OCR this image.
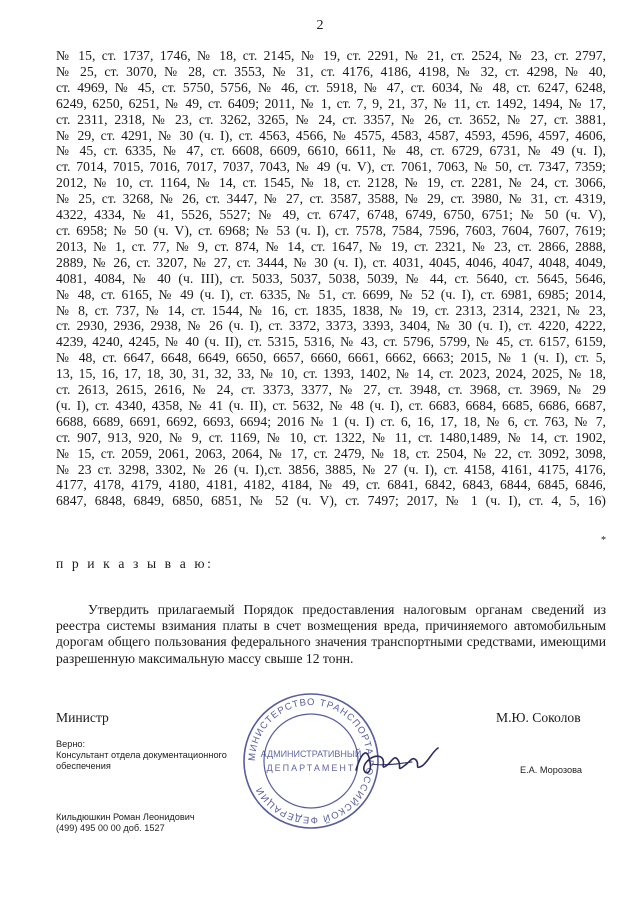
2
№ 15, ст. 1737, 1746, № 18, ст. 2145, № 19, ст. 2291, № 21, ст. 2524, № 23, ст. 2797,
№ 25, ст. 3070, № 28, ст. 3553, № 31, ст. 4176, 4186, 4198, № 32, ст. 4298, № 40,
ст. 4969, № 45, ст. 5750, 5756, № 46, ст. 5918, № 47, ст. 6034, № 48, ст. 6247, 6248,
6249, 6250, 6251, № 49, ст. 6409; 2011, № 1, ст. 7, 9, 21, 37, № 11, ст. 1492, 1494, № 17,
ст. 2311, 2318, № 23, ст. 3262, 3265, № 24, ст. 3357, № 26, ст. 3652, № 27, ст. 3881,
№ 29, ст. 4291, № 30 (ч. I), ст. 4563, 4566, № 4575, 4583, 4587, 4593, 4596, 4597, 4606,
№ 45, ст. 6335, № 47, ст. 6608, 6609, 6610, 6611, № 48, ст. 6729, 6731, № 49 (ч. I),
ст. 7014, 7015, 7016, 7017, 7037, 7043, № 49 (ч. V), ст. 7061, 7063, № 50, ст. 7347, 7359;
2012, № 10, ст. 1164, № 14, ст. 1545, № 18, ст. 2128, № 19, ст. 2281, № 24, ст. 3066,
№ 25, ст. 3268, № 26, ст. 3447, № 27, ст. 3587, 3588, № 29, ст. 3980, № 31, ст. 4319,
4322, 4334, № 41, 5526, 5527; № 49, ст. 6747, 6748, 6749, 6750, 6751; № 50 (ч. V),
ст. 6958; № 50 (ч. V), ст. 6968; № 53 (ч. I), ст. 7578, 7584, 7596, 7603, 7604, 7607, 7619;
2013, № 1, ст. 77, № 9, ст. 874, № 14, ст. 1647, № 19, ст. 2321, № 23, ст. 2866, 2888,
2889, № 26, ст. 3207, № 27, ст. 3444, № 30 (ч. I), ст. 4031, 4045, 4046, 4047, 4048, 4049,
4081, 4084, № 40 (ч. III), ст. 5033, 5037, 5038, 5039, № 44, ст. 5640, ст. 5645, 5646,
№ 48, ст. 6165, № 49 (ч. I), ст. 6335, № 51, ст. 6699, № 52 (ч. I), ст. 6981, 6985; 2014,
№ 8, ст. 737, № 14, ст. 1544, № 16, ст. 1835, 1838, № 19, ст. 2313, 2314, 2321, № 23,
ст. 2930, 2936, 2938, № 26 (ч. I), ст. 3372, 3373, 3393, 3404, № 30 (ч. I), ст. 4220, 4222,
4239, 4240, 4245, № 40 (ч. II), ст. 5315, 5316, № 43, ст. 5796, 5799, № 45, ст. 6157, 6159,
№ 48, ст. 6647, 6648, 6649, 6650, 6657, 6660, 6661, 6662, 6663; 2015, № 1 (ч. I), ст. 5,
13, 15, 16, 17, 18, 30, 31, 32, 33, № 10, ст. 1393, 1402, № 14, ст. 2023, 2024, 2025, № 18,
ст. 2613, 2615, 2616, № 24, ст. 3373, 3377, № 27, ст. 3948, ст. 3968, ст. 3969, № 29
(ч. I), ст. 4340, 4358, № 41 (ч. II), ст. 5632, № 48 (ч. I), ст. 6683, 6684, 6685, 6686, 6687,
6688, 6689, 6691, 6692, 6693, 6694; 2016 № 1 (ч. I) ст. 6, 16, 17, 18, № 6, ст. 763, № 7,
ст. 907, 913, 920, № 9, ст. 1169, № 10, ст. 1322, № 11, ст. 1480,1489, № 14, ст. 1902,
№ 15, ст. 2059, 2061, 2063, 2064, № 17, ст. 2479, № 18, ст. 2504, № 22, ст. 3092, 3098,
№ 23 ст. 3298, 3302, № 26 (ч. I),ст. 3856, 3885, № 27 (ч. I), ст. 4158, 4161, 4175, 4176,
4177, 4178, 4179, 4180, 4181, 4182, 4184, № 49, ст. 6841, 6842, 6843, 6844, 6845, 6846,
6847, 6848, 6849, 6850, 6851, № 52 (ч. V), ст. 7497; 2017, № 1 (ч. I), ст. 4, 5, 16)
*
п р и к а з ы в а ю:
Утвердить прилагаемый Порядок предоставления налоговым органам сведений из реестра системы взимания платы в счет возмещения вреда, причиняемого автомобильным дорогам общего пользования федерального значения транспортными средствами, имеющими разрешенную максимальную массу свыше 12 тонн.
Министр	М.Ю. Соколов
Верно:
Консультант отдела документационного
обеспечения	Е.А. Морозова
Кильдюшкин Роман Леонидович
(499) 495 00 00 доб. 1527
МИНИСТЕРСТВО ТРАНСПОРТА РОССИЙСКОЙ ФЕДЕРАЦИИ
АДМИНИСТРАТИВНЫЙ
ДЕПАРТАМЕНТ
